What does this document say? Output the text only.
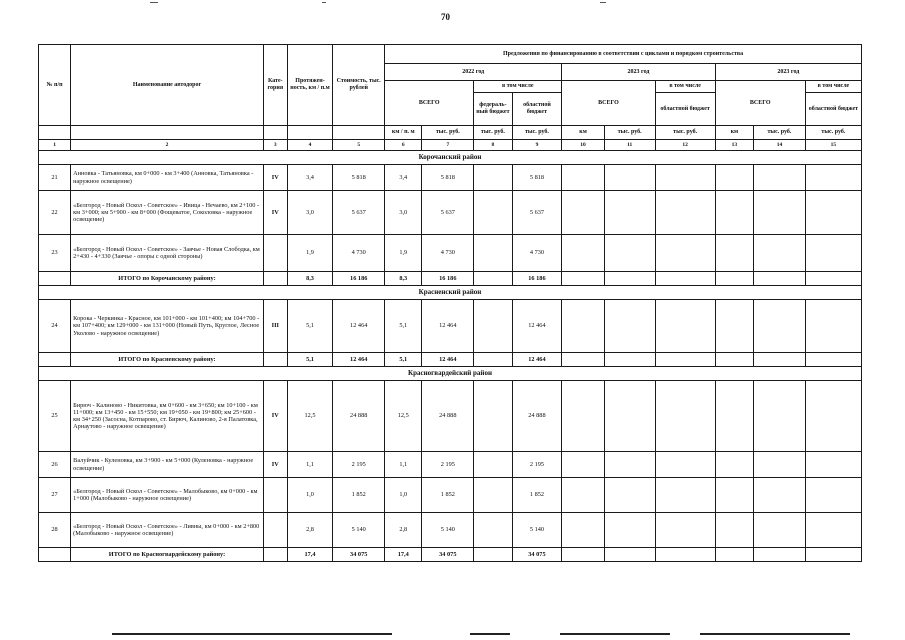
70
№ п/п	Наименование автодорог	Кате-гория	Протяжен-ность, км / п.м	Стоимость, тыс. рублей	Предложения по финансированию в соответствии с циклами и порядком строительства									
					2022 год				2023 год			2023 год		
					ВСЕГО		в том числе		ВСЕГО		в том числе	ВСЕГО		в том числе
							федераль-ный бюджет	областной бюджет			областной бюджет			областной бюджет
					км / п. м	тыс. руб.	тыс. руб.	тыс. руб.	км	тыс. руб.	тыс. руб.	км	тыс. руб.	тыс. руб.
1	2	3	4	5	6	7	8	9	10	11	12	13	14	15
Корочанский район														
21	Анновка - Татьяновка, км 0+000 - км 3+400 (Анновка, Татьяновка - наружное освещение)	IV	3,4	5 818	3,4	5 818		5 818						
22	«Белгород - Новый Оскол - Советское» - Ивица - Нечаево, км 2+100 - км 3+000; км 5+900 - км 8+000 (Фощеватое, Соколовка - наружное освещение)	IV	3,0	5 637	3,0	5 637		5 637						
23	«Белгород - Новый Оскол - Советское» - Заячье - Новая Слободка, км 2+430 - 4+330 (Заячье - опоры с одной стороны)		1,9	4 730	1,9	4 730		4 730						
	ИТОГО по Корочанскому району:		8,3	16 186	8,3	16 186		16 186						
Красненский район														
24	Корока - Черкинка - Красное, км 101+000 - км 101+400; км 104+700 - км 107+400; км 129+000 - км 131+000 (Новый Путь, Круглое, Лесное Уколово - наружное освещение)	III	5,1	12 464	5,1	12 464		12 464						
	ИТОГО по Красненскому району:		5,1	12 464	5,1	12 464		12 464						
Красногвардейский район														
25	Бирюч - Калиново - Никитовка, км 0+600 - км 3+650; км 10+100 - км 11+000; км 13+450 - км 15+550; км 19+050 - км 19+800; км 25+600 - км 34+250 (Засосна, Котпарово, ст. Бирюч, Калиново, 2-я Палатовка, Арнаутово - наружное освещение)	IV	12,5	24 888	12,5	24 888		24 888						
26	Валуйчик - Куленовка, км 3+900 - км 5+000 (Куленовка - наружное освещение)	IV	1,1	2 195	1,1	2 195		2 195						
27	«Белгород - Новый Оскол - Советское» - Малобыково, км 0+000 - км 1+000 (Малобыково - наружное освещение)		1,0	1 852	1,0	1 852		1 852						
28	«Белгород - Новый Оскол - Советское» - Ливны, км 0+000 - км 2+800 (Малобыково - наружное освещение)		2,8	5 140	2,8	5 140		5 140						
	ИТОГО по Красногвардейскому району:		17,4	34 075	17,4	34 075		34 075						
